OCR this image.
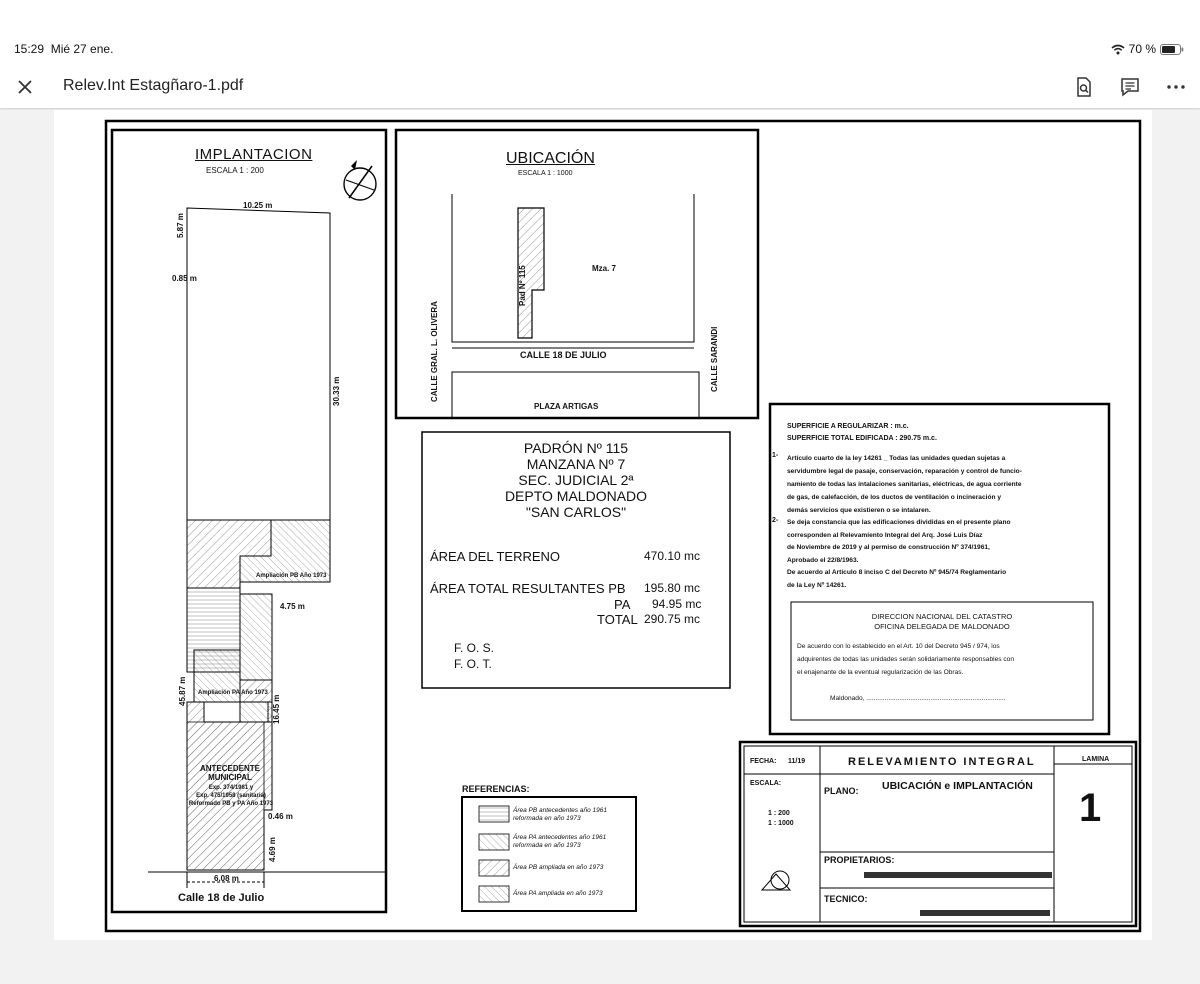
15:29 Mié 27 ene.	70 %
Relev.Int Estagñaro-1.pdf
IMPLANTACION
ESCALA 1 : 200
10.25 m
5.87 m
0.85 m
30.33 m
Ampliación PB Año 1973
4.75 m
45.87 m Ampliación PA Año 1973
16.45 m
ANTECEDENTE
MUNICIPAL
Exp. 374/1961 y
Exp. 475/1958 (sanitaria)
Reformado PB y PA Año 1973
0.46 m
4.69 m
6.08 m
Calle 18 de Julio
UBICACIÓN
ESCALA 1 : 1000
Pad Nº 115	Mza. 7
CALLE 18 DE JULIO
CALLE GRAL. L. OLIVERA	CALLE SARANDI
PLAZA ARTIGAS
PADRÓN Nº 115
MANZANA Nº 7
SEC. JUDICIAL 2ª
DEPTO MALDONADO
"SAN CARLOS"
ÁREA DEL TERRENO	470.10 mc
ÁREA TOTAL RESULTANTES PB 195.80 mc
PA 94.95 mc
TOTAL 290.75 mc
F. O. S.
F. O. T.
SUPERFICIE A REGULARIZAR : m.c.
SUPERFICIE TOTAL EDIFICADA : 290.75 m.c.
1- Artículo cuarto de la ley 14261 _ Todas las unidades quedan sujetas a
servidumbre legal de pasaje, conservación, reparación y control de funcio-
namiento de todas las intalaciones sanitarias, eléctricas, de agua corriente
de gas, de calefacción, de los ductos de ventilación o incineración y
demás servicios que existieren o se intalaren.
2- Se deja constancia que las edificaciones divididas en el presente plano
corresponden al Relevamiento Integral del Arq. José Luis Díaz
de Noviembre de 2019 y al permiso de construcción Nº 374/1961,
Aprobado el 22/8/1963.
De acuerdo al Artículo 8 inciso C del Decreto Nº 945/74 Reglamentario
de la Ley Nº 14261.
DIRECCION NACIONAL DEL CATASTRO
OFICINA DELEGADA DE MALDONADO
De acuerdo con lo establecido en el Art. 10 del Decreto 945 / 974, los
adquirentes de todas las unidades serán solidariamente responsables con
el enajenante de la eventual regularización de las Obras.
Maldonado, ............................................................................
REFERENCIAS:
Área PB antecedentes año 1961
reformada en año 1973
Área PA antecedentes año 1961
reformada en año 1973
Área PB ampliada en año 1973
Área PA ampliada en año 1973
FECHA: 11/19	RELEVAMIENTO INTEGRAL	LAMINA
1
ESCALA:
1 : 200
1 : 1000
PLANO: UBICACIÓN e IMPLANTACIÓN
PROPIETARIOS:
TECNICO:
